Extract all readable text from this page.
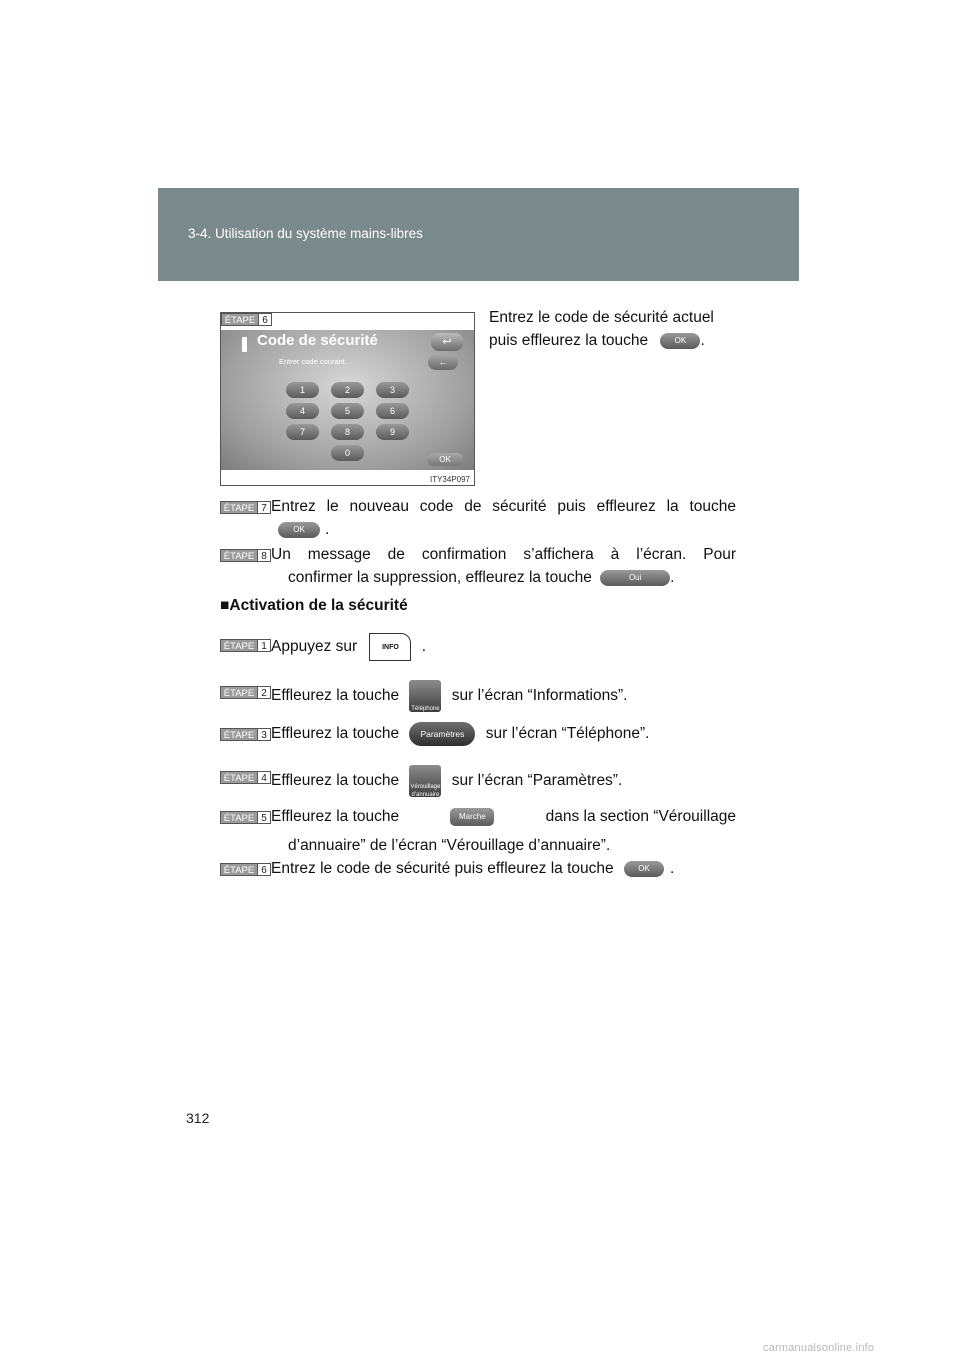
3-4. Utilisation du système mains-libres
ÉTAPE 6
Code de sécurité
Entrer code courant.
↩
←
1	2	3
4	5	6
7	8	9
0
OK
ITY34P097
Entrez le code de sécurité actuel
puis effleurez la touche	OK .
ÉTAPE 7 Entrez le nouveau code de sécurité puis effleurez la touche
OK .
ÉTAPE 8 Un message de confirmation s’affichera à l’écran. Pour
confirmer la suppression, effleurez la touche	Oui .
■Activation de la sécurité
ÉTAPE 1 Appuyez sur	INFO .
ÉTAPE 2 Effleurez la touche Téléphone sur l’écran “Informations”.
ÉTAPE 3 Effleurez la touche	Paramètres sur l’écran “Téléphone”.
ÉTAPE 4 Effleurez la touche Vérouillage d'annuaire sur l’écran “Paramètres”.
ÉTAPE 5 Effleurez la touche	Marche	dans la section “Vérouillage
d’annuaire” de l’écran “Vérouillage d’annuaire”.
ÉTAPE 6 Entrez le code de sécurité puis effleurez la touche	OK .
312
carmanualsonline.info
